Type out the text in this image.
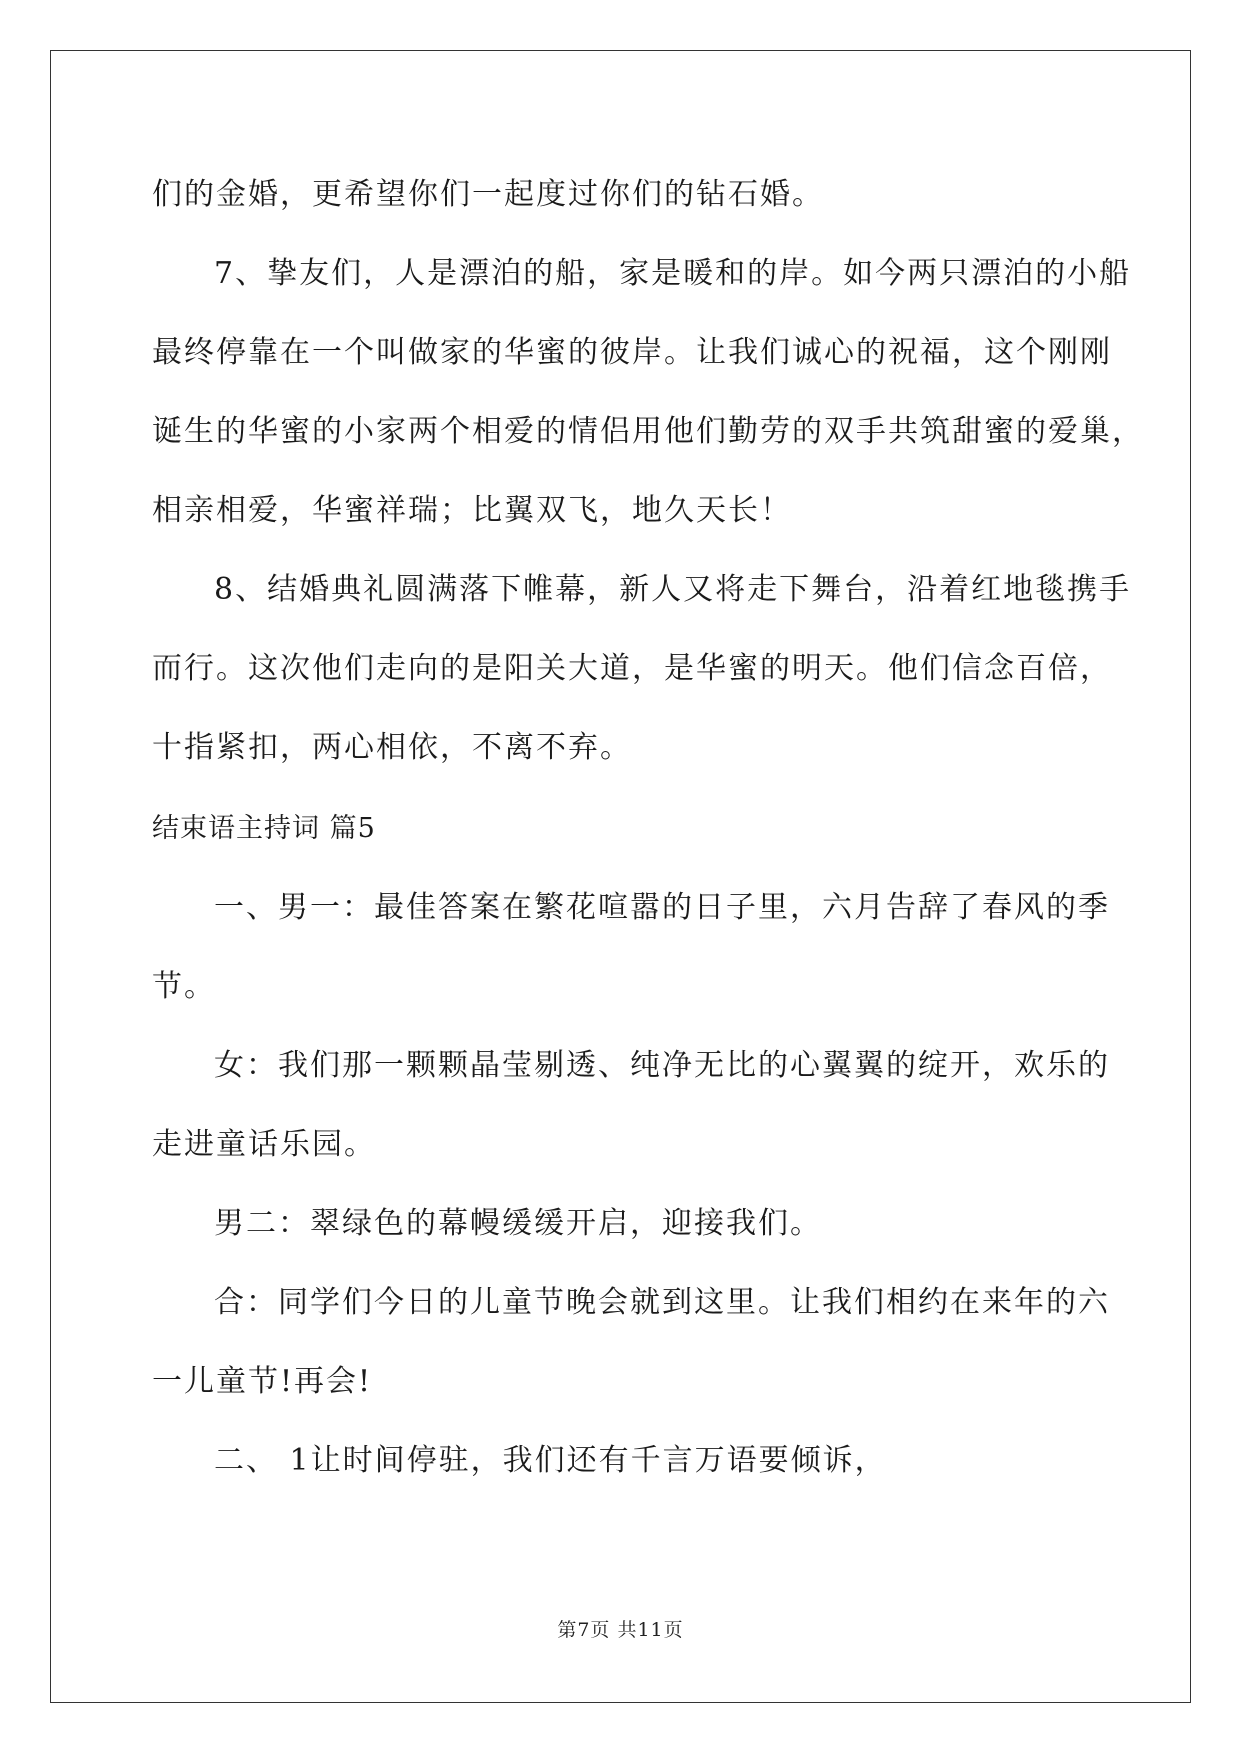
们的金婚，更希望你们一起度过你们的钻石婚。
7、挚友们，人是漂泊的船，家是暖和的岸。如今两只漂泊的小船
最终停靠在一个叫做家的华蜜的彼岸。让我们诚心的祝福，这个刚刚
诞生的华蜜的小家两个相爱的情侣用他们勤劳的双手共筑甜蜜的爱巢，
相亲相爱，华蜜祥瑞；比翼双飞，地久天长！
8、结婚典礼圆满落下帷幕，新人又将走下舞台，沿着红地毯携手
而行。这次他们走向的是阳关大道，是华蜜的明天。他们信念百倍，
十指紧扣，两心相依，不离不弃。
结束语主持词 篇5
一、男一：最佳答案在繁花喧嚣的日子里，六月告辞了春风的季
节。
女：我们那一颗颗晶莹剔透、纯净无比的心翼翼的绽开，欢乐的
走进童话乐园。
男二：翠绿色的幕幔缓缓开启，迎接我们。
合：同学们今日的儿童节晚会就到这里。让我们相约在来年的六
一儿童节!再会!
二、 1让时间停驻，我们还有千言万语要倾诉，
第7页 共11页
